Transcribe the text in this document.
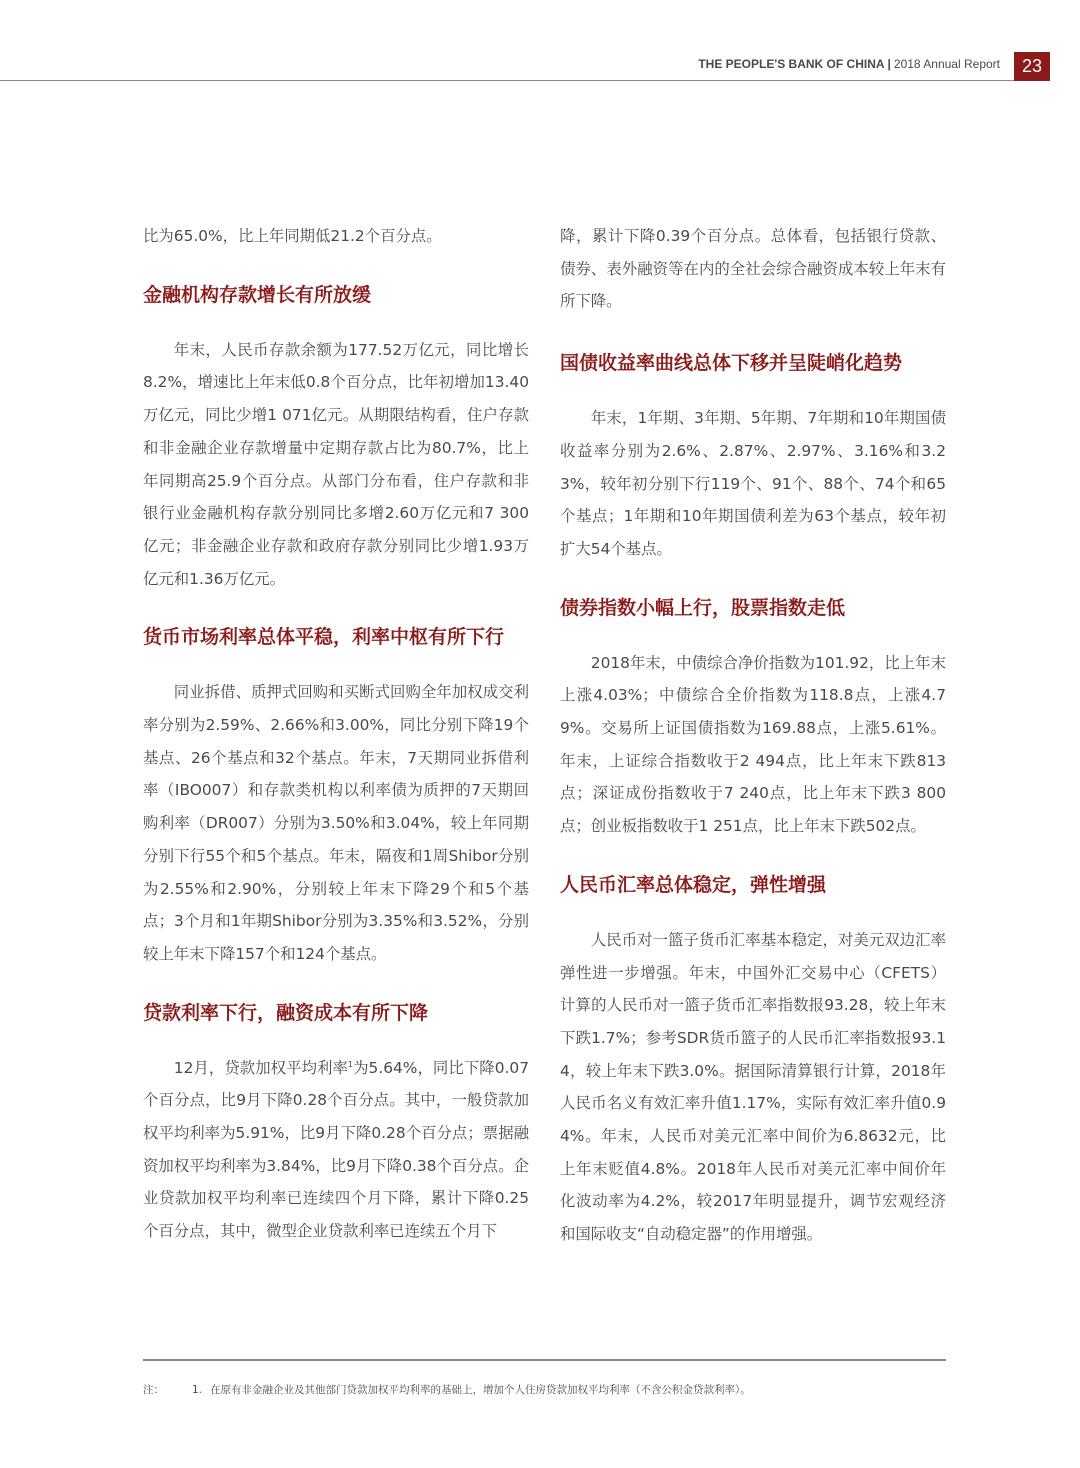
THE PEOPLE'S BANK OF CHINA | 2018 Annual Report	23

比为65.0%，比上年同期低21.2个百分点。

金融机构存款增长有所放缓

年末，人民币存款余额为177.52万亿元，同比增长8.2%，增速比上年末低0.8个百分点，比年初增加13.40万亿元，同比少增1 071亿元。从期限结构看，住户存款和非金融企业存款增量中定期存款占比为80.7%，比上年同期高25.9个百分点。从部门分布看，住户存款和非银行业金融机构存款分别同比多增2.60万亿元和7 300亿元；非金融企业存款和政府存款分别同比少增1.93万亿元和1.36万亿元。

货币市场利率总体平稳，利率中枢有所下行

同业拆借、质押式回购和买断式回购全年加权成交利率分别为2.59%、2.66%和3.00%，同比分别下降19个基点、26个基点和32个基点。年末，7天期同业拆借利率（IBO007）和存款类机构以利率债为质押的7天期回购利率（DR007）分别为3.50%和3.04%，较上年同期分别下行55个和5个基点。年末，隔夜和1周Shibor分别为2.55%和2.90%，分别较上年末下降29个和5个基点；3个月和1年期Shibor分别为3.35%和3.52%，分别较上年末下降157个和124个基点。

贷款利率下行，融资成本有所下降

12月，贷款加权平均利率$^1$为5.64%，同比下降0.07个百分点，比9月下降0.28个百分点。其中，一般贷款加权平均利率为5.91%，比9月下降0.28个百分点；票据融资加权平均利率为3.84%，比9月下降0.38个百分点。企业贷款加权平均利率已连续四个月下降，累计下降0.25个百分点，其中，微型企业贷款利率已连续五个月下

降，累计下降0.39个百分点。总体看，包括银行贷款、债券、表外融资等在内的全社会综合融资成本较上年末有所下降。

国债收益率曲线总体下移并呈陡峭化趋势

年末，1年期、3年期、5年期、7年期和10年期国债收益率分别为2.6%、2.87%、2.97%、3.16%和3.23%，较年初分别下行119个、91个、88个、74个和65个基点；1年期和10年期国债利差为63个基点，较年初扩大54个基点。

债券指数小幅上行，股票指数走低

2018年末，中债综合净价指数为101.92，比上年末上涨4.03%；中债综合全价指数为118.8点，上涨4.79%。交易所上证国债指数为169.88点，上涨5.61%。年末，上证综合指数收于2 494点，比上年末下跌813点；深证成份指数收于7 240点，比上年末下跌3 800点；创业板指数收于1 251点，比上年末下跌502点。

人民币汇率总体稳定，弹性增强

人民币对一篮子货币汇率基本稳定，对美元双边汇率弹性进一步增强。年末，中国外汇交易中心（CFETS）计算的人民币对一篮子货币汇率指数报93.28，较上年末下跌1.7%；参考SDR货币篮子的人民币汇率指数报93.14，较上年末下跌3.0%。据国际清算银行计算，2018年人民币名义有效汇率升值1.17%，实际有效汇率升值0.94%。年末，人民币对美元汇率中间价为6.8632元，比上年末贬值4.8%。2018年人民币对美元汇率中间价年化波动率为4.2%，较2017年明显提升，调节宏观经济和国际收支“自动稳定器”的作用增强。

注：	1. 在原有非金融企业及其他部门贷款加权平均利率的基础上，增加个人住房贷款加权平均利率（不含公积金贷款利率）。
